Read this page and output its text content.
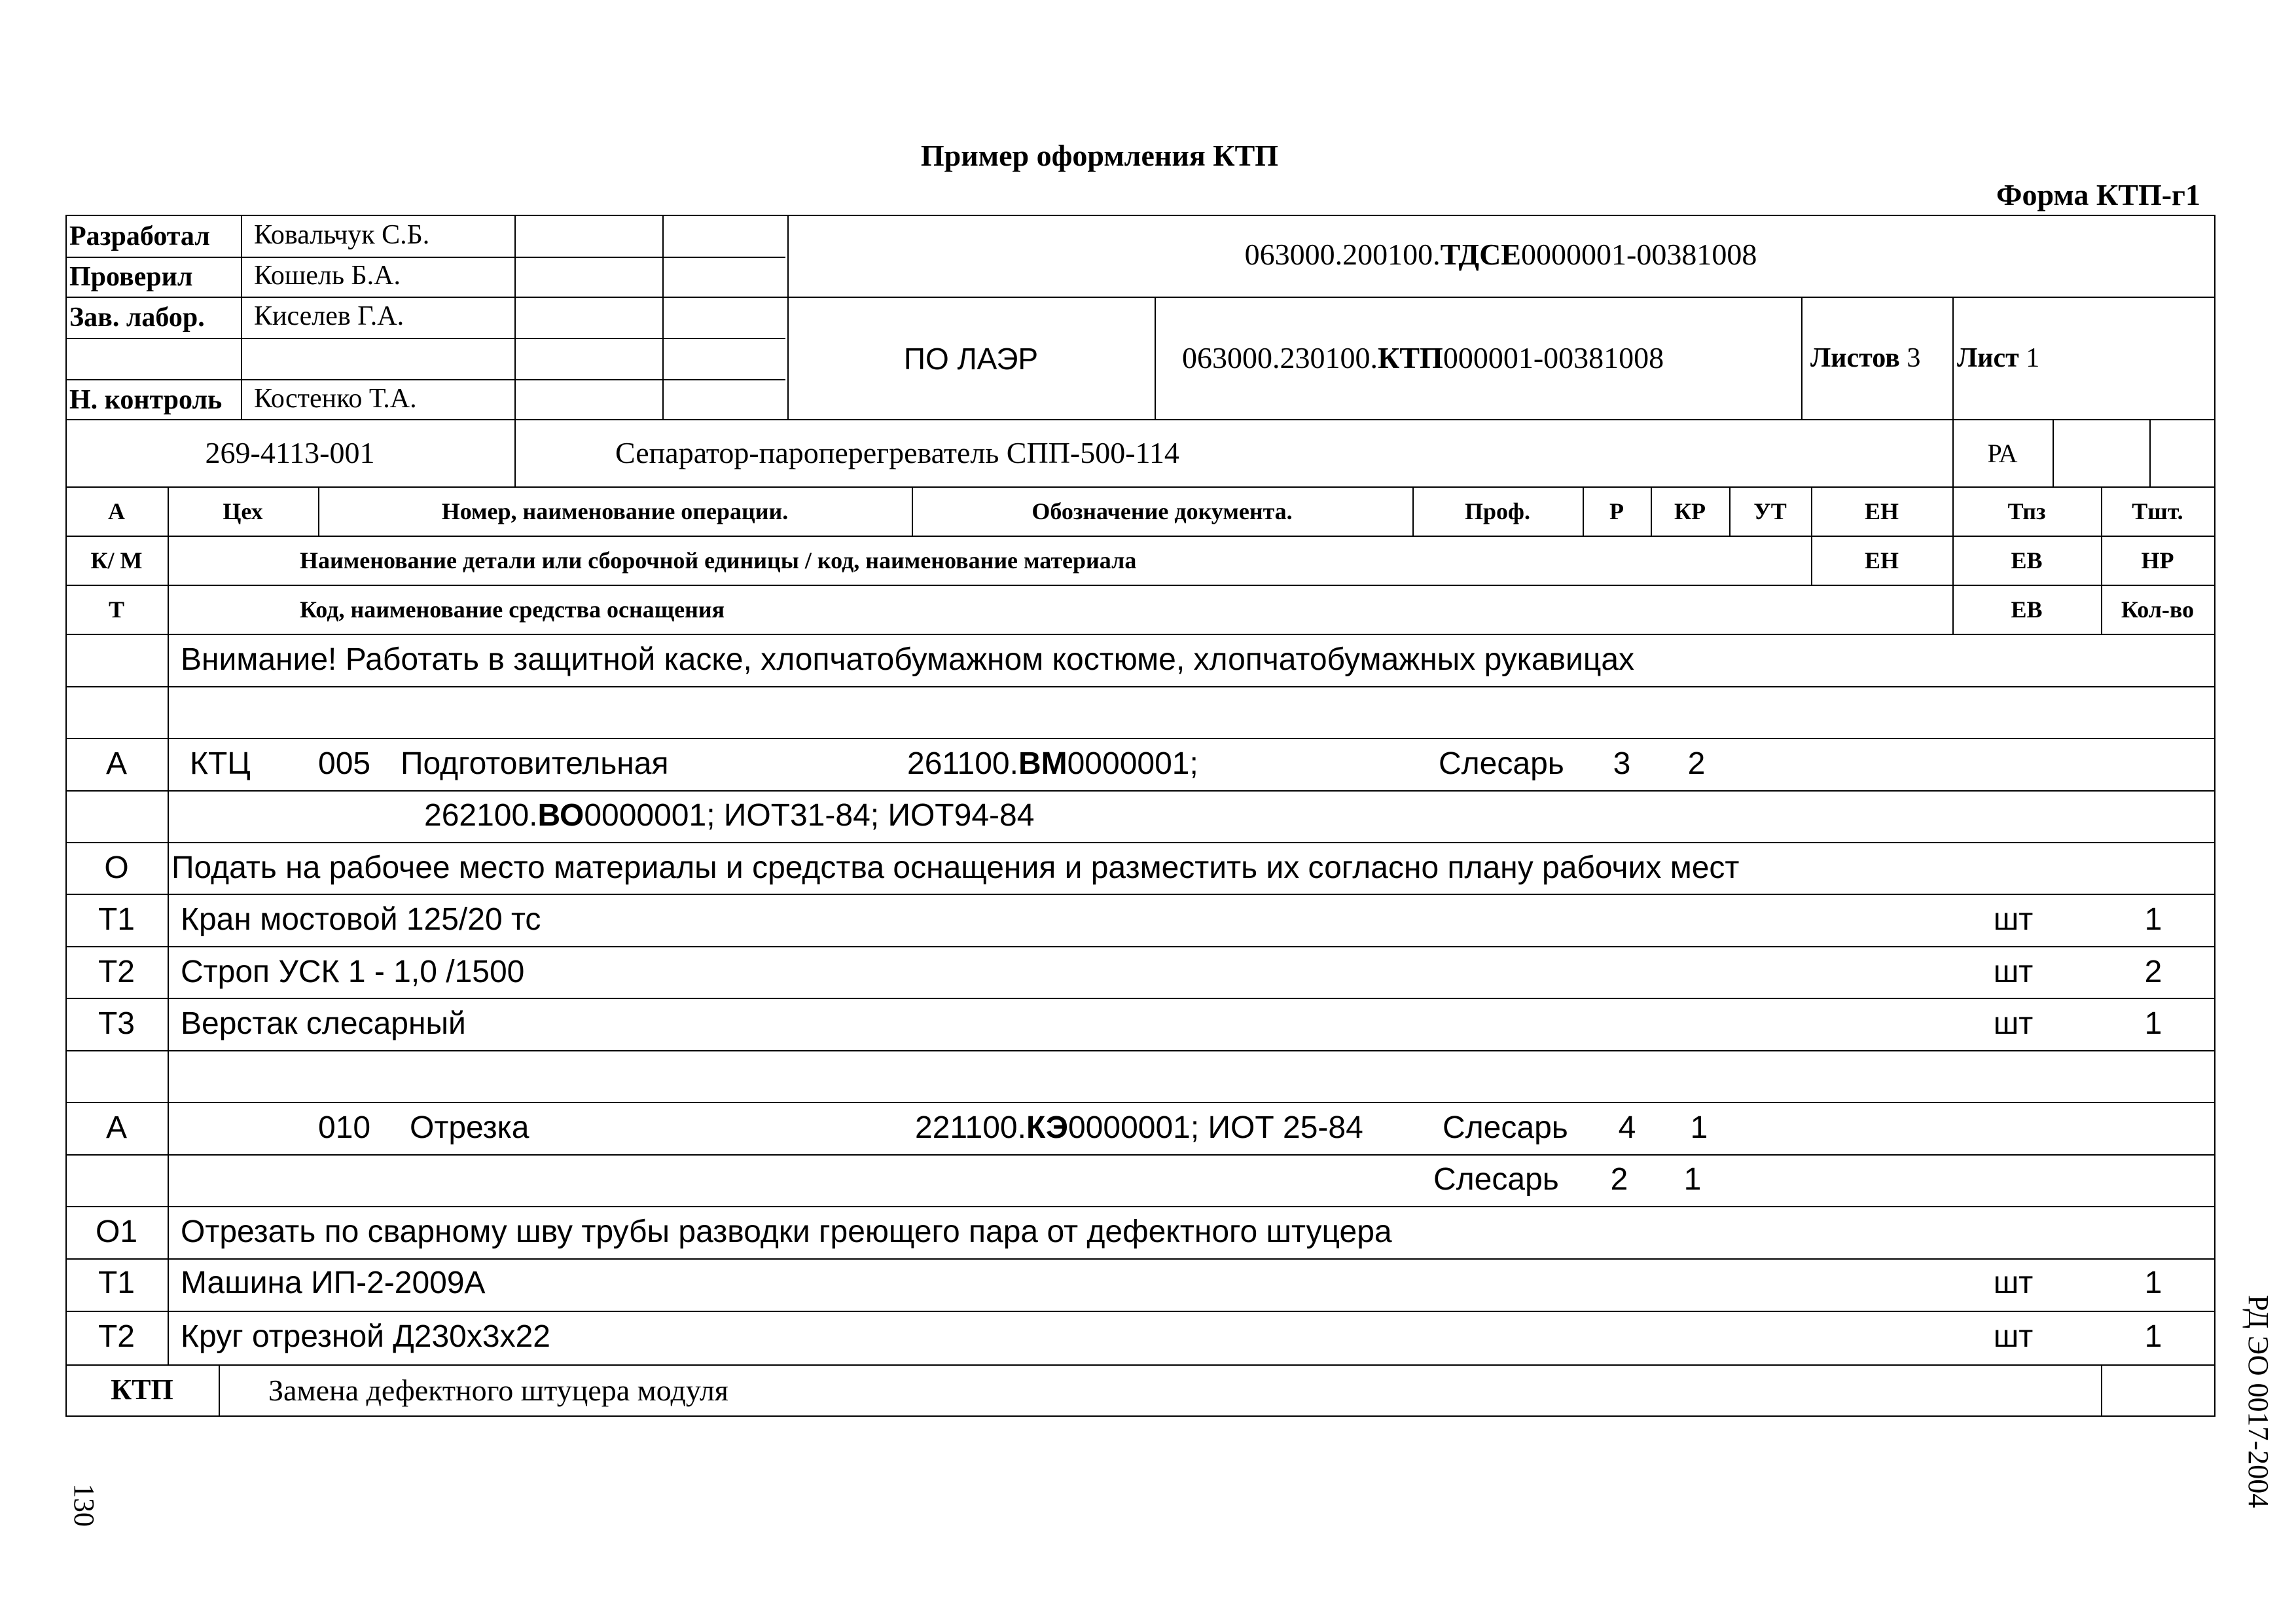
Пример оформления КТП
Форма КТП-г1
Разработал Ковальчук С.Б.
Проверил Кошель Б.А.
Зав. лабор. Киселев Г.А.
Н. контроль Костенко Т.А.
063000.200100.ТДСЕ0000001-00381008
ПО ЛАЭР	063000.230100.КТП000001-00381008	Листов 3 Лист 1
269-4113-001	Сепаратор-пароперегреватель СПП-500-114	РА
А	Цех	Номер, наименование операции.	Обозначение документа.	Проф.	Р	КР	УТ	ЕН	Тпз	Тшт.
К/ М	Наименование детали или сборочной единицы / код, наименование материала	ЕН	ЕВ	НР
Т	Код, наименование средства оснащения	ЕВ	Кол-во
Внимание! Работать в защитной каске, хлопчатобумажном костюме, хлопчатобумажных рукавицах
А	КТЦ 005 Подготовительная	261100.ВМ0000001;	Слесарь	3	2
262100.ВО0000001; ИОТ31-84; ИОТ94-84
О	Подать на рабочее место материалы и средства оснащения и разместить их согласно плану рабочих мест
Т1	Кран мостовой 125/20 тс	шт	1
Т2	Строп УСК 1 - 1,0 /1500	шт	2
Т3	Верстак слесарный	шт	1
А	010 Отрезка	221100.КЭ0000001; ИОТ 25-84	Слесарь	4	1
Слесарь	2	1
О1	Отрезать по сварному шву трубы разводки греющего пара от дефектного штуцера
Т1	Машина ИП-2-2009А	шт	1
Т2	Круг отрезной Д230х3х22	шт	1
КТП	Замена дефектного штуцера модуля	РД ЭО 0017-2004
130
